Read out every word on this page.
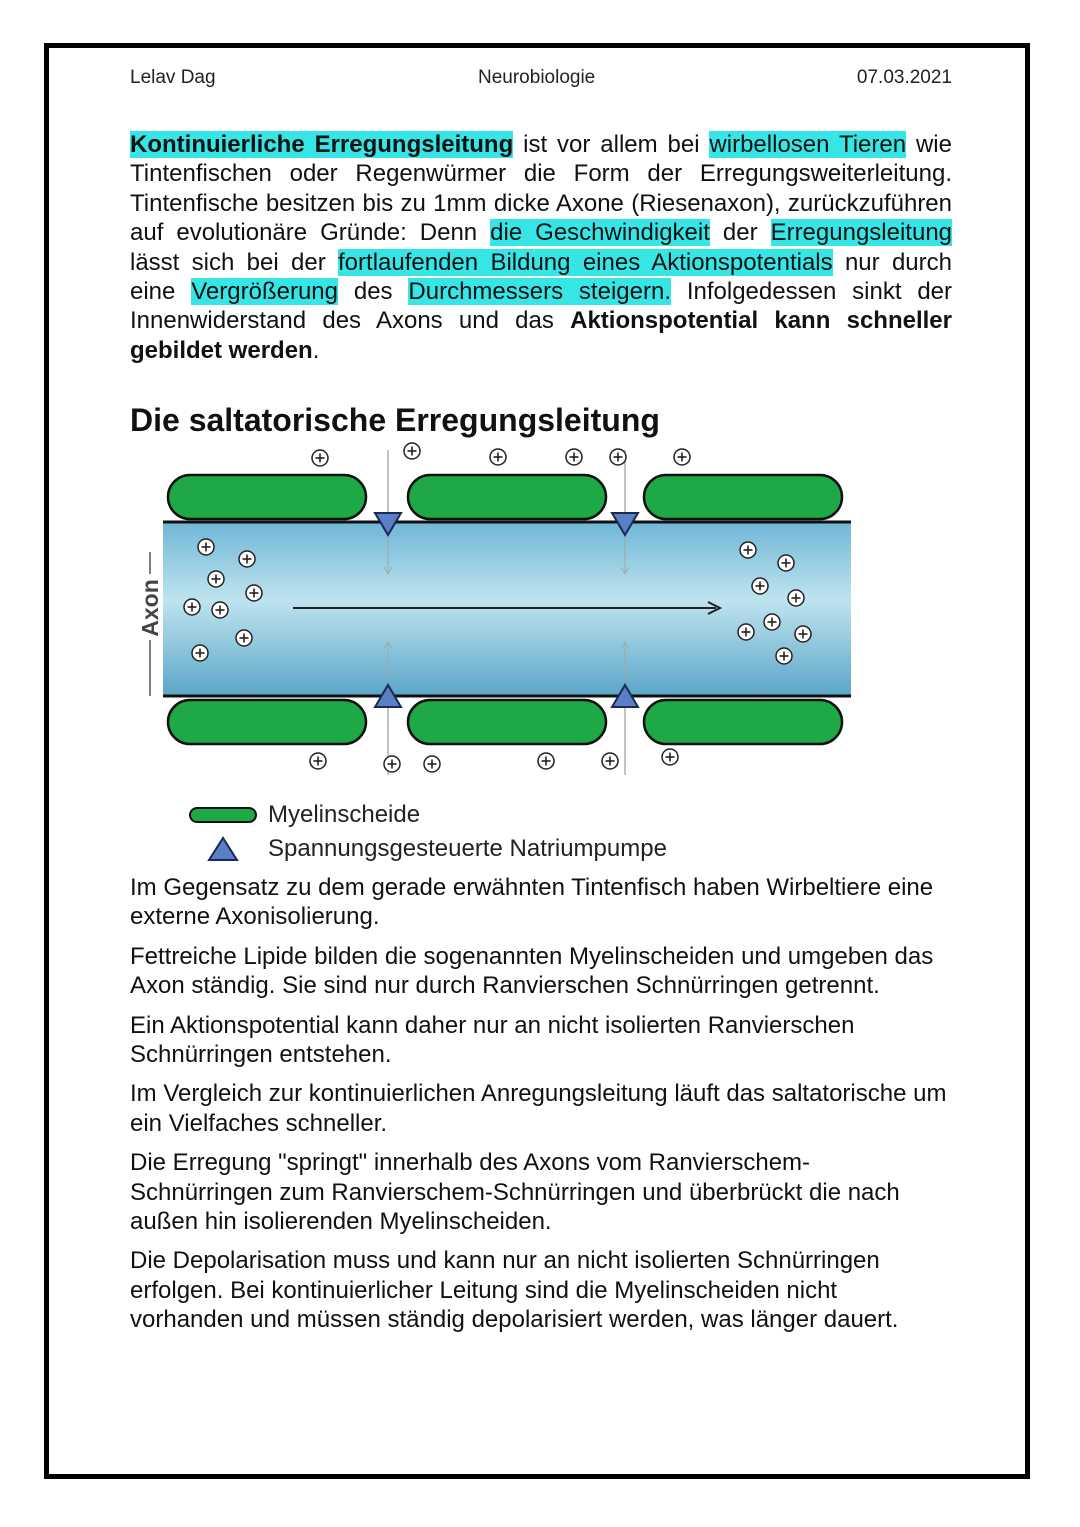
Lelav Dag	Neurobiologie	07.03.2021
Kontinuierliche Erregungsleitung ist vor allem bei wirbellosen Tieren wie Tintenfischen oder Regenwürmer die Form der Erregungsweiterleitung. Tintenfische besitzen bis zu 1mm dicke Axone (Riesenaxon), zurückzuführen auf evolutionäre Gründe: Denn die Geschwindigkeit der Erregungsleitung lässt sich bei der fortlaufenden Bildung eines Aktionspotentials nur durch eine Vergrößerung des Durchmessers steigern. Infolgedessen sinkt der Innenwiderstand des Axons und das Aktionspotential kann schneller gebildet werden.
Die saltatorische Erregungsleitung
Axon
Myelinscheide
Spannungsgesteuerte Natriumpumpe

Im Gegensatz zu dem gerade erwähnten Tintenfisch haben Wirbeltiere eine externe Axonisolierung.

Fettreiche Lipide bilden die sogenannten Myelinscheiden und umgeben das Axon ständig. Sie sind nur durch Ranvierschen Schnürringen getrennt.

Ein Aktionspotential kann daher nur an nicht isolierten Ranvierschen Schnürringen entstehen.

Im Vergleich zur kontinuierlichen Anregungsleitung läuft das saltatorische um ein Vielfaches schneller.

Die Erregung "springt" innerhalb des Axons vom Ranvierschem-Schnürringen zum Ranvierschem-Schnürringen und überbrückt die nach außen hin isolierenden Myelinscheiden.

Die Depolarisation muss und kann nur an nicht isolierten Schnürringen erfolgen. Bei kontinuierlicher Leitung sind die Myelinscheiden nicht vorhanden und müssen ständig depolarisiert werden, was länger dauert.
